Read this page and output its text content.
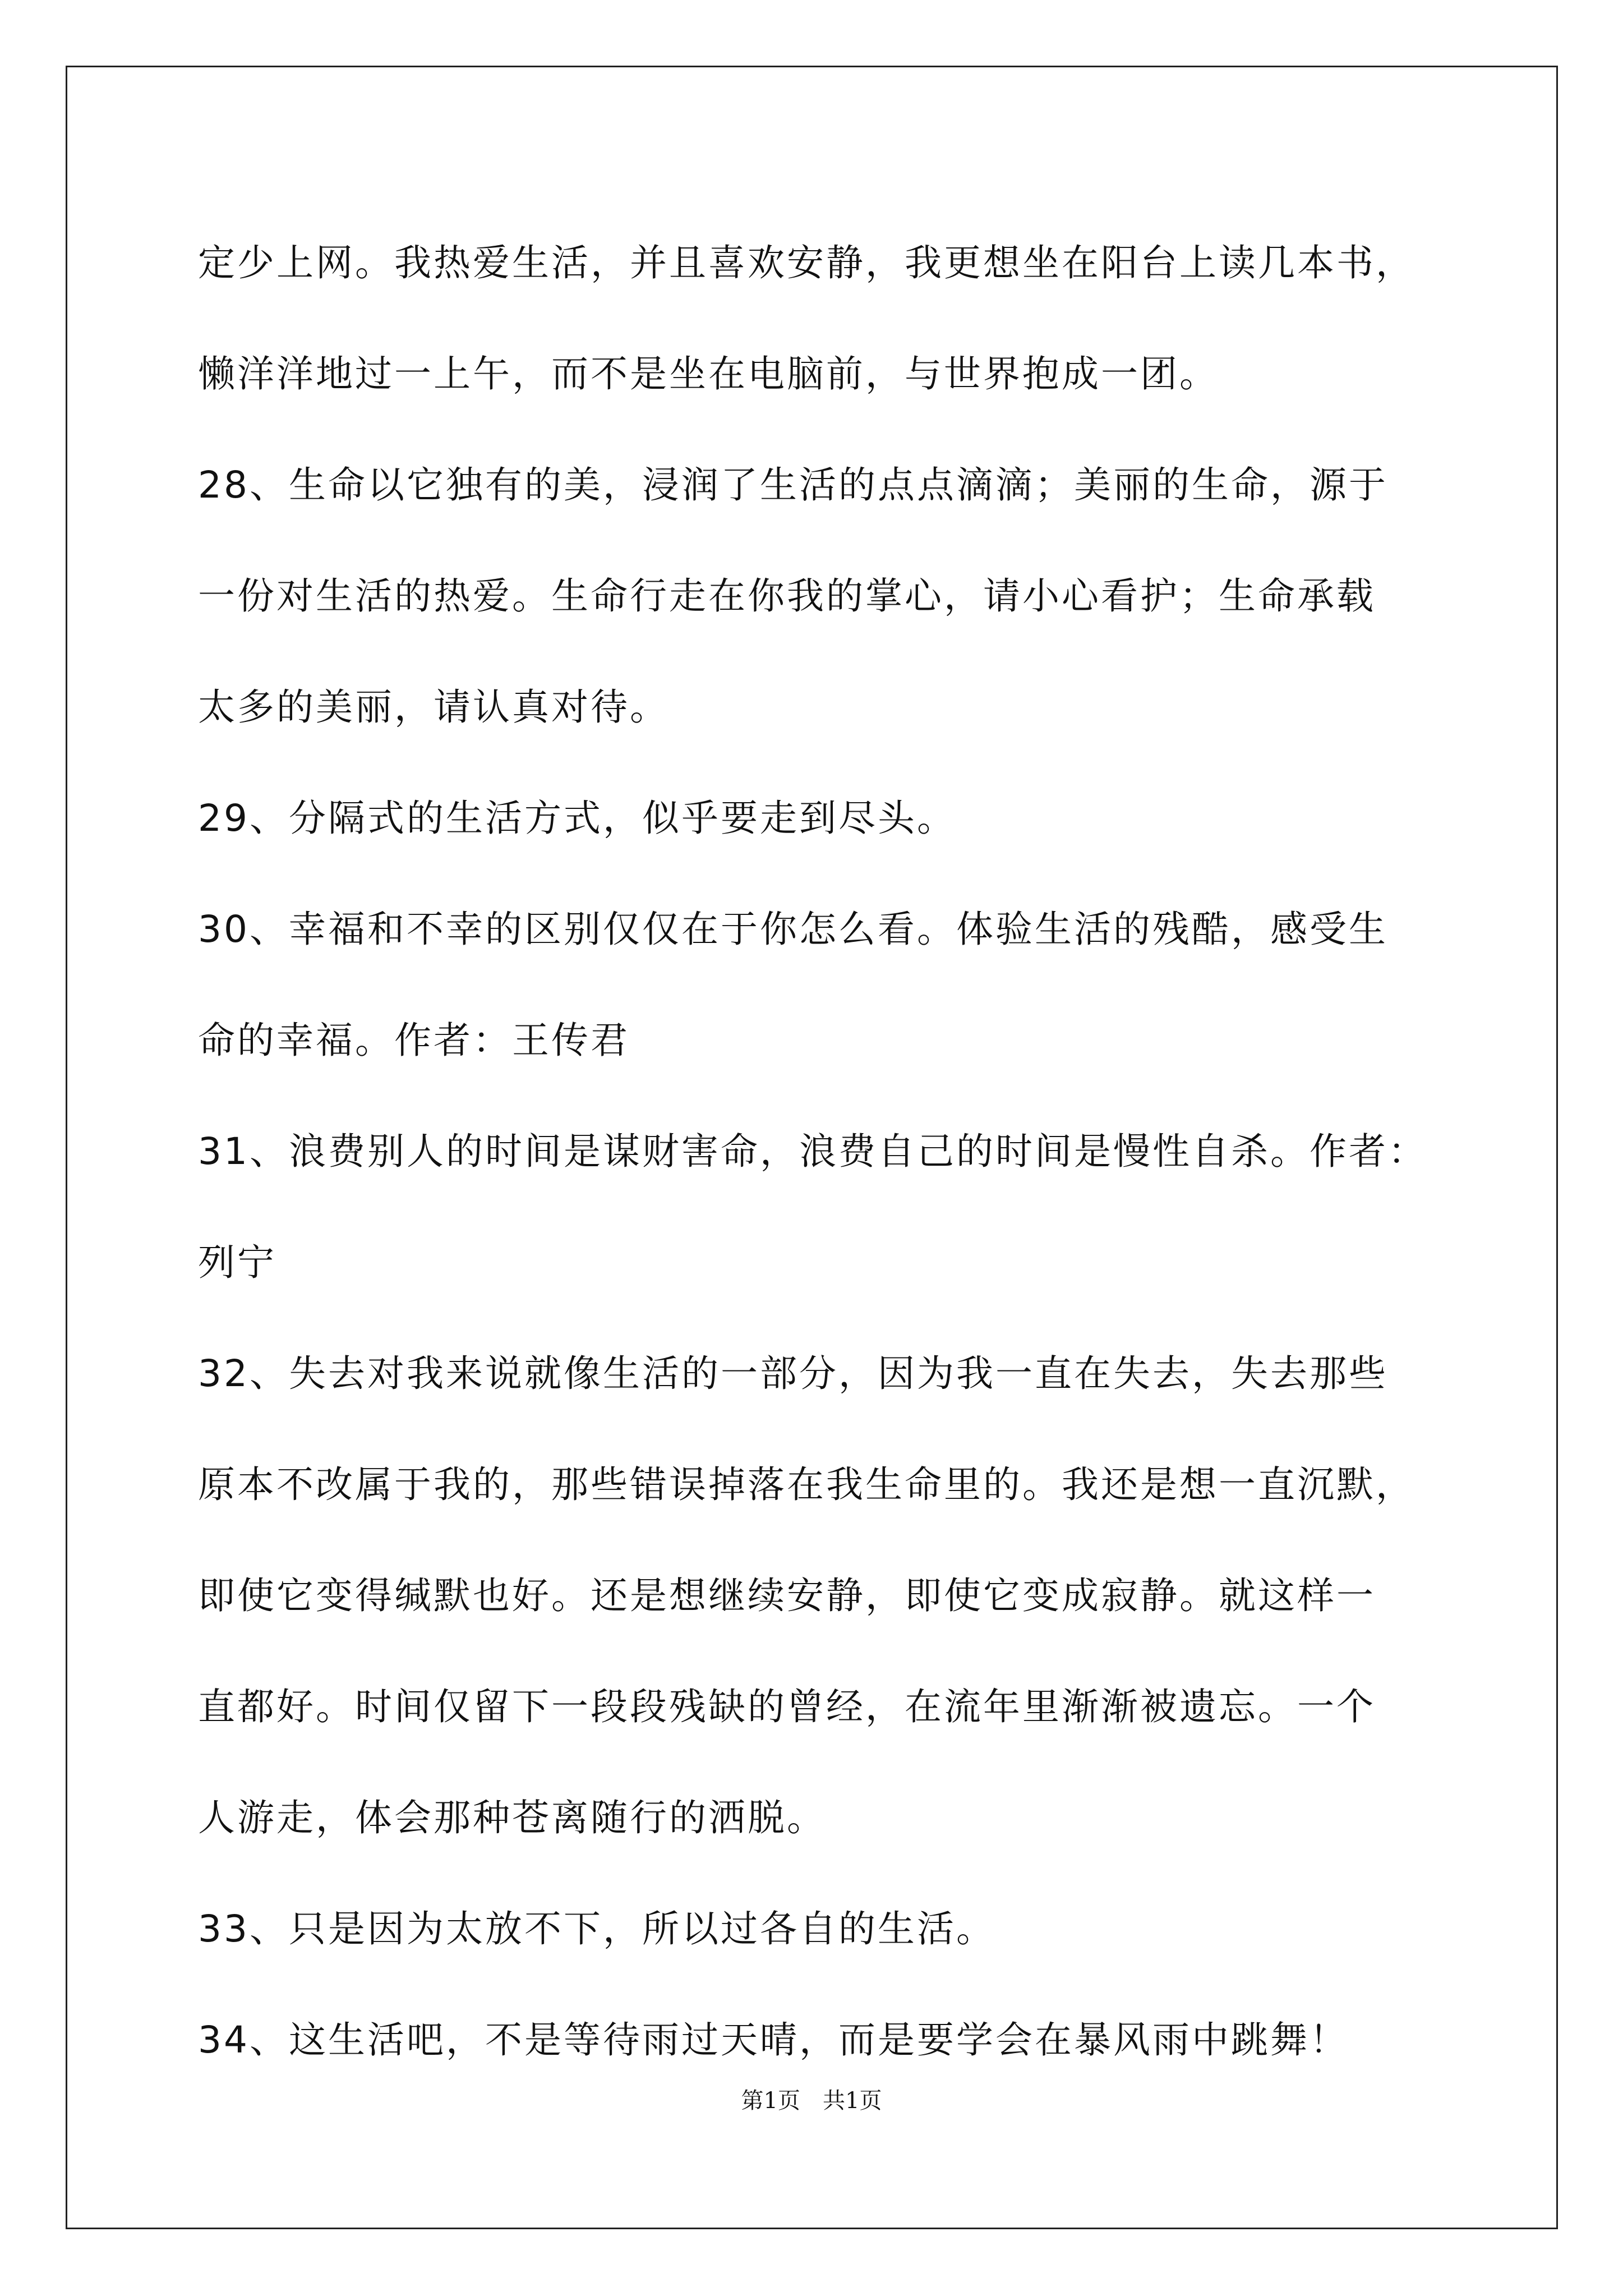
定少上网。我热爱生活，并且喜欢安静，我更想坐在阳台上读几本书，
懒洋洋地过一上午，而不是坐在电脑前，与世界抱成一团。
28、生命以它独有的美，浸润了生活的点点滴滴；美丽的生命，源于
一份对生活的热爱。生命行走在你我的掌心，请小心看护；生命承载
太多的美丽，请认真对待。
29、分隔式的生活方式，似乎要走到尽头。
30、幸福和不幸的区别仅仅在于你怎么看。体验生活的残酷，感受生
命的幸福。作者：王传君
31、浪费别人的时间是谋财害命，浪费自己的时间是慢性自杀。作者：
列宁
32、失去对我来说就像生活的一部分，因为我一直在失去，失去那些
原本不改属于我的，那些错误掉落在我生命里的。我还是想一直沉默，
即使它变得缄默也好。还是想继续安静，即使它变成寂静。就这样一
直都好。时间仅留下一段段残缺的曾经，在流年里渐渐被遗忘。一个
人游走，体会那种苍离随行的洒脱。
33、只是因为太放不下，所以过各自的生活。
34、这生活吧，不是等待雨过天晴，而是要学会在暴风雨中跳舞！
第1页 共1页
